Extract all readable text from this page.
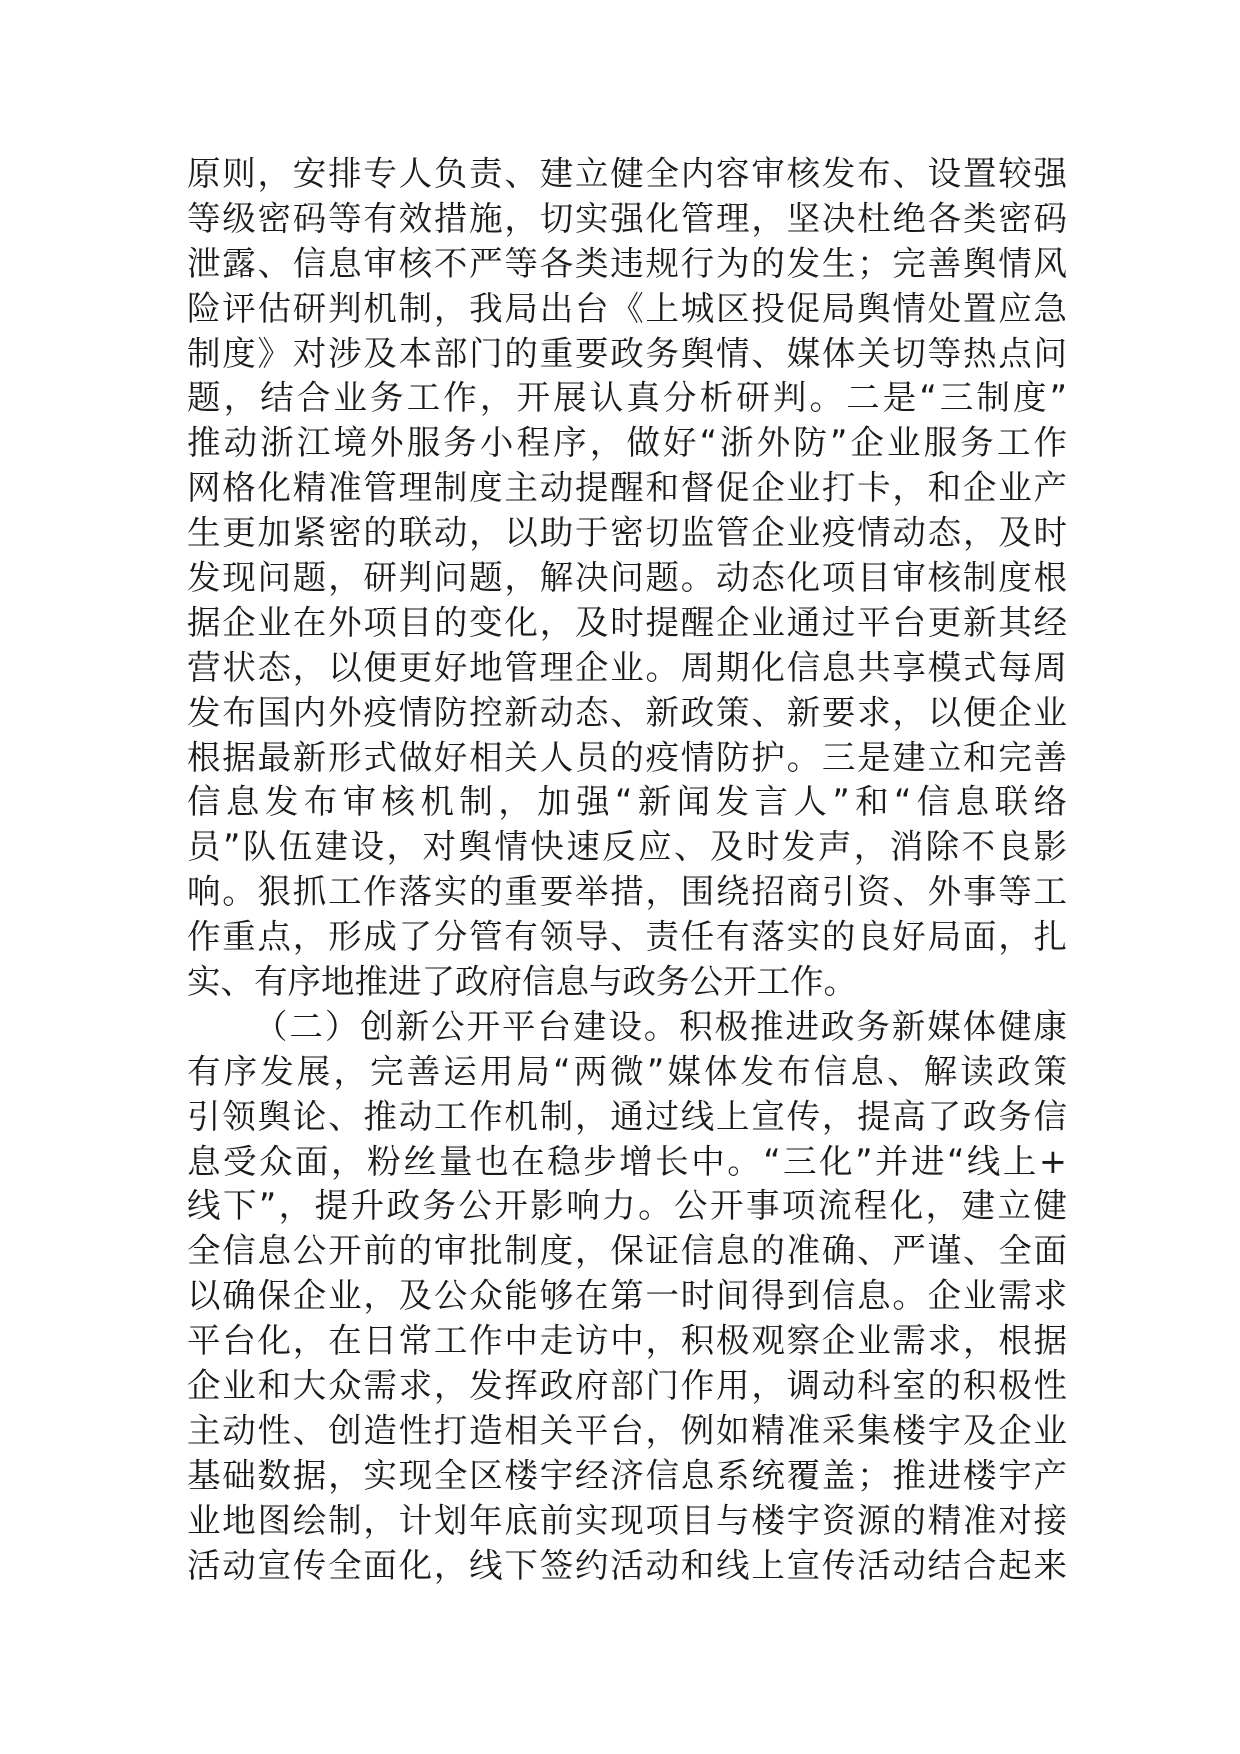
原则，安排专人负责、建立健全内容审核发布、设置较强
等级密码等有效措施，切实强化管理，坚决杜绝各类密码
泄露、信息审核不严等各类违规行为的发生；完善舆情风
险评估研判机制，我局出台《上城区投促局舆情处置应急
制度》对涉及本部门的重要政务舆情、媒体关切等热点问
题，结合业务工作，开展认真分析研判。二是“三制度”
推动浙江境外服务小程序，做好“浙外防”企业服务工作
网格化精准管理制度主动提醒和督促企业打卡，和企业产
生更加紧密的联动，以助于密切监管企业疫情动态，及时
发现问题，研判问题，解决问题。动态化项目审核制度根
据企业在外项目的变化，及时提醒企业通过平台更新其经
营状态，以便更好地管理企业。周期化信息共享模式每周
发布国内外疫情防控新动态、新政策、新要求，以便企业
根据最新形式做好相关人员的疫情防护。三是建立和完善
信息发布审核机制，加强“新闻发言人”和“信息联络
员”队伍建设，对舆情快速反应、及时发声，消除不良影
响。狠抓工作落实的重要举措，围绕招商引资、外事等工
作重点，形成了分管有领导、责任有落实的良好局面，扎
实、有序地推进了政府信息与政务公开工作。
（二）创新公开平台建设。积极推进政务新媒体健康
有序发展，完善运用局“两微”媒体发布信息、解读政策
引领舆论、推动工作机制，通过线上宣传，提高了政务信
息受众面，粉丝量也在稳步增长中。“三化”并进“线上+
线下”，提升政务公开影响力。公开事项流程化，建立健
全信息公开前的审批制度，保证信息的准确、严谨、全面
以确保企业，及公众能够在第一时间得到信息。企业需求
平台化，在日常工作中走访中，积极观察企业需求，根据
企业和大众需求，发挥政府部门作用，调动科室的积极性
主动性、创造性打造相关平台，例如精准采集楼宇及企业
基础数据，实现全区楼宇经济信息系统覆盖；推进楼宇产
业地图绘制，计划年底前实现项目与楼宇资源的精准对接
活动宣传全面化，线下签约活动和线上宣传活动结合起来
